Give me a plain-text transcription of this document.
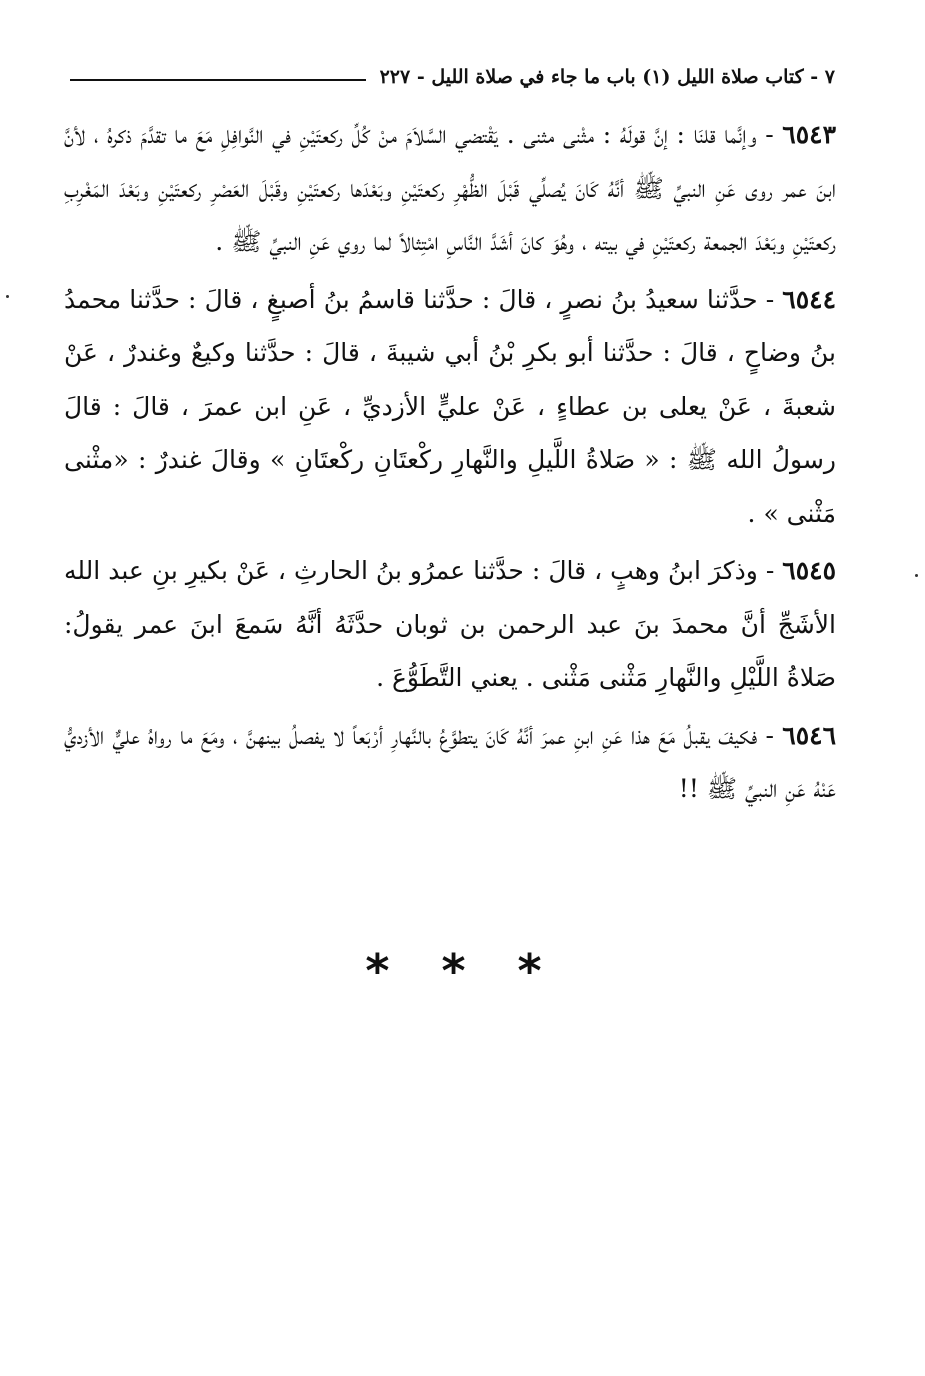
٧ - كتاب صلاة الليل (١) باب ما جاء في صلاة الليل - ٢٢٧

٦٥٤٣ - وإنَّما قلنَا : إنَّ قولَهُ : مثْنى مثنى . يَقْتضي السَّلاَمَ منْ كُلِّ ركعتَيْنِ في النَّوافِلِ مَعَ ما تقدَّمَ ذكرهُ ، لأنَّ ابنَ عمر روى عَنِ النبيِّ ﷺ أنَّهُ كَانَ يُصلِّي قَبْلَ الظُّهْرِ ركعتَيْنِ وبَعْدَها ركعتَيْنِ وقَبْلَ العَصْرِ ركعتَيْنِ وبَعْدَ المَغْرِبِ ركعتَيْنِ وبَعْدَ الجمعة ركعتَيْنِ في بيته ، وهُوَ كانَ أشَدَّ النَّاسِ امْتِثالاً لما روي عَنِ النبيِّ ﷺ .

٦٥٤٤ - حدَّثنا سعيدُ بنُ نصرٍ ، قالَ : حدَّثنا قاسمُ بنُ أصبغٍ ، قالَ : حدَّثنا محمدُ بنُ وضاحٍ ، قالَ : حدَّثنا أبو بكرِ بْنُ أبي شيبةَ ، قالَ : حدَّثنا وكيعٌ وغندرٌ ، عَنْ شعبةَ ، عَنْ يعلى بن عطاءٍ ، عَنْ عليٍّ الأزديِّ ، عَنِ ابن عمرَ ، قالَ : قالَ رسولُ الله ﷺ : « صَلاةُ اللَّيلِ والنَّهارِ ركْعتَانِ ركْعتَانِ » وقالَ غندرٌ : «مثْنى مَثْنى » .

٦٥٤٥ - وذكرَ ابنُ وهبٍ ، قالَ : حدَّثنا عمرُو بنُ الحارثِ ، عَنْ بكيرِ بنِ عبد الله الأشَجِّ أنَّ محمدَ بنَ عبد الرحمن بن ثوبان حدَّثَهُ أنَّهُ سَمعَ ابنَ عمر يقولُ: صَلاةُ اللَّيْلِ والنَّهارِ مَثْنى مَثْنى . يعني التَّطَوُّعَ .

٦٥٤٦ - فكيفَ يقبلُ مَعَ هذا عَنِ ابنِ عمرَ أنَّهُ كَانَ يتطوَّعُ بالنَّهارِ أرْبَعاً لا يفصلُ بينهنَّ ، ومَعَ ما رواهُ عليٌّ الأزديُّ عَنْهُ عَنِ النبيِّ ﷺ !!

* * *
